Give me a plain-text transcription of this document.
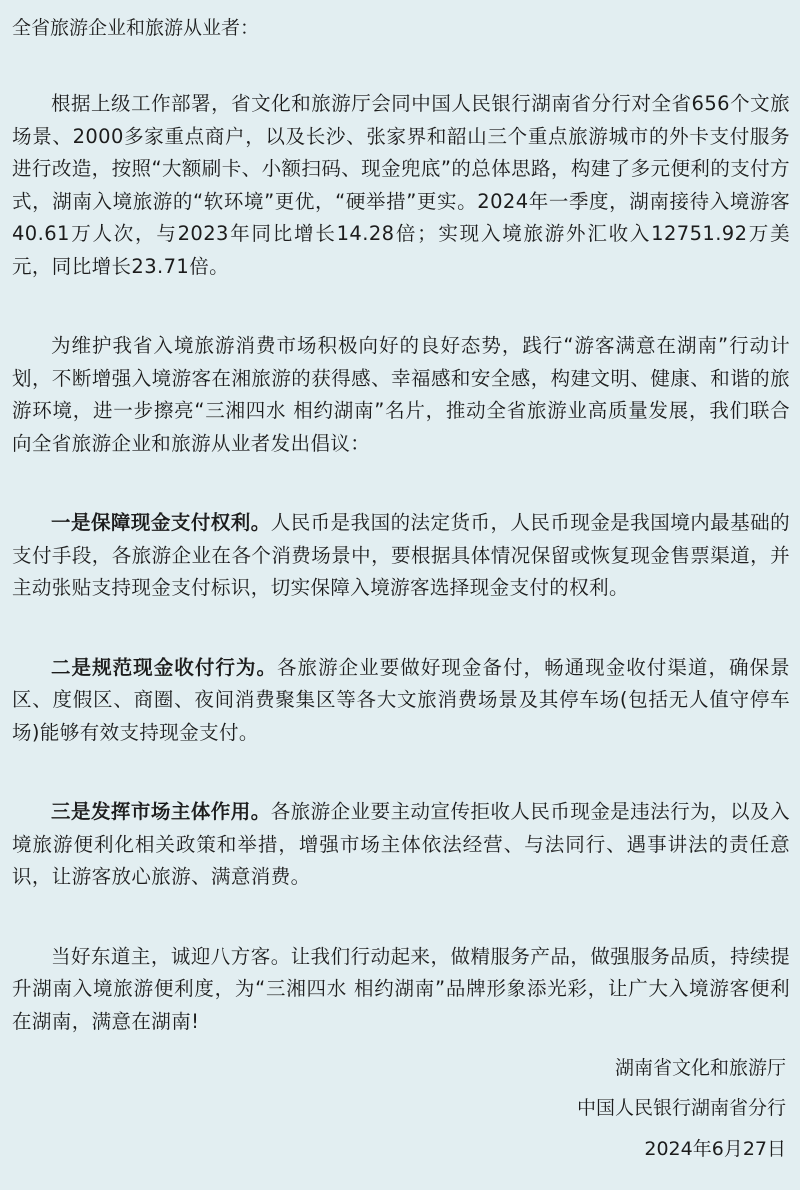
全省旅游企业和旅游从业者：

根据上级工作部署，省文化和旅游厅会同中国人民银行湖南省分行对全省656个文旅场景、2000多家重点商户，以及长沙、张家界和韶山三个重点旅游城市的外卡支付服务进行改造，按照“大额刷卡、小额扫码、现金兜底”的总体思路，构建了多元便利的支付方式，湖南入境旅游的“软环境”更优，“硬举措”更实。2024年一季度，湖南接待入境游客40.61万人次，与2023年同比增长14.28倍；实现入境旅游外汇收入12751.92万美元，同比增长23.71倍。

为维护我省入境旅游消费市场积极向好的良好态势，践行“游客满意在湖南”行动计划，不断增强入境游客在湘旅游的获得感、幸福感和安全感，构建文明、健康、和谐的旅游环境，进一步擦亮“三湘四水 相约湖南”名片，推动全省旅游业高质量发展，我们联合向全省旅游企业和旅游从业者发出倡议：

一是保障现金支付权利。人民币是我国的法定货币，人民币现金是我国境内最基础的支付手段，各旅游企业在各个消费场景中，要根据具体情况保留或恢复现金售票渠道，并主动张贴支持现金支付标识，切实保障入境游客选择现金支付的权利。

二是规范现金收付行为。各旅游企业要做好现金备付，畅通现金收付渠道，确保景区、度假区、商圈、夜间消费聚集区等各大文旅消费场景及其停车场(包括无人值守停车场)能够有效支持现金支付。

三是发挥市场主体作用。各旅游企业要主动宣传拒收人民币现金是违法行为，以及入境旅游便利化相关政策和举措，增强市场主体依法经营、与法同行、遇事讲法的责任意识，让游客放心旅游、满意消费。

当好东道主，诚迎八方客。让我们行动起来，做精服务产品，做强服务品质，持续提升湖南入境旅游便利度，为“三湘四水 相约湖南”品牌形象添光彩，让广大入境游客便利在湖南，满意在湖南!

湖南省文化和旅游厅
中国人民银行湖南省分行
2024年6月27日
